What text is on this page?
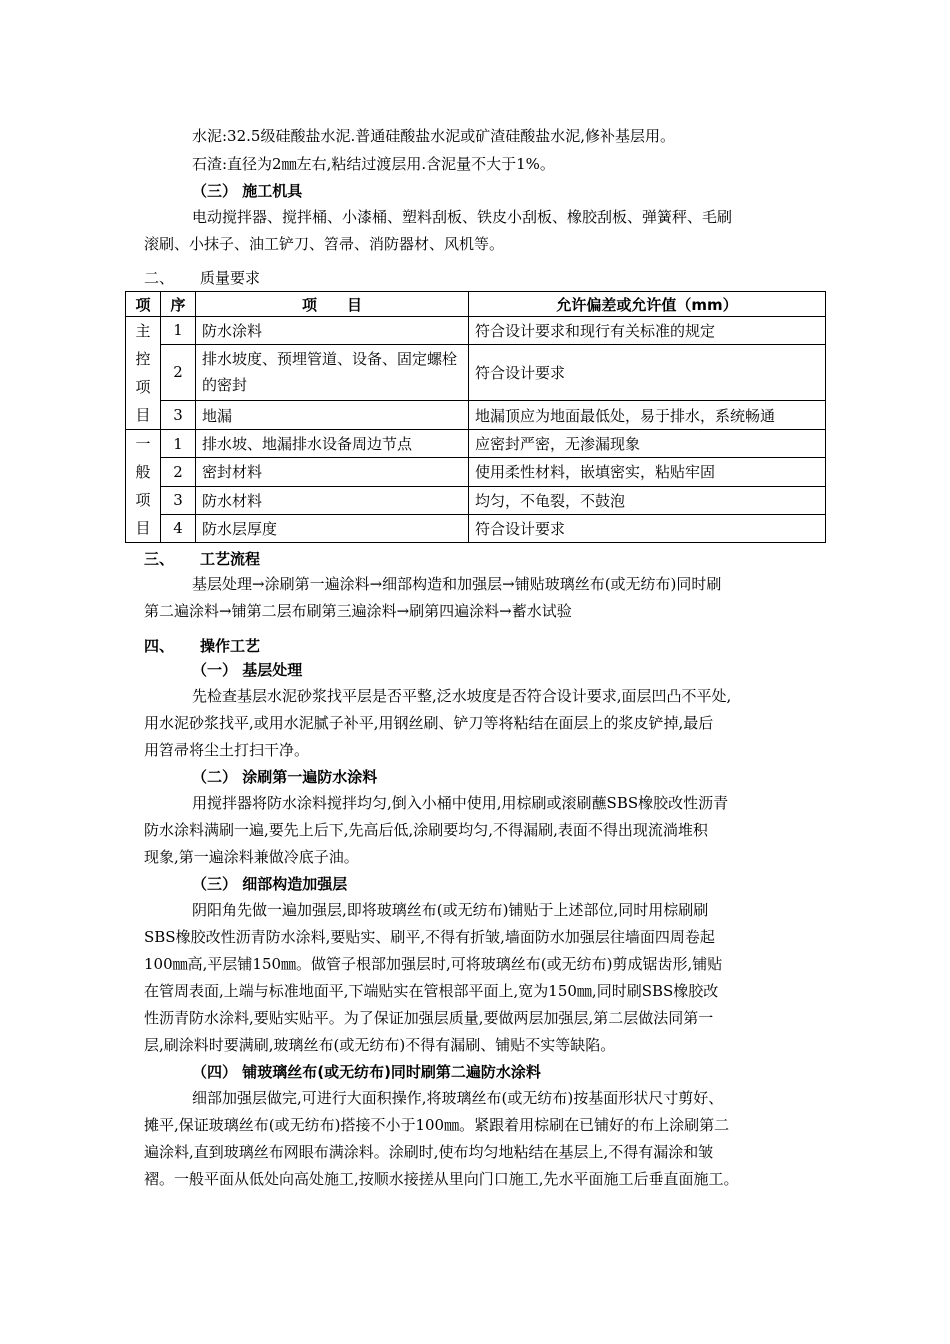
水泥:32.5级硅酸盐水泥.普通硅酸盐水泥或矿渣硅酸盐水泥,修补基层用。
石渣:直径为2㎜左右,粘结过渡层用.含泥量不大于1%。
（三） 施工机具
电动搅拌器、搅拌桶、小漆桶、塑料刮板、铁皮小刮板、橡胶刮板、弹簧秤、毛刷
滚刷、小抹子、油工铲刀、笤帚、消防器材、风机等。
二、 质量要求
项	序	项　　目	允许偏差或允许值（mm）

主控项目	1	防水涂料	符合设计要求和现行有关标准的规定
	2	排水坡度、预埋管道、设备、固定螺栓的密封	符合设计要求
	3	地漏	地漏顶应为地面最低处，易于排水，系统畅通

一般项目	1	排水坡、地漏排水设备周边节点	应密封严密，无渗漏现象
	2	密封材料	使用柔性材料，嵌填密实，粘贴牢固
	3	防水材料	均匀，不龟裂，不鼓泡
	4	防水层厚度	符合设计要求
三、 工艺流程
基层处理→涂刷第一遍涂料→细部构造和加强层→铺贴玻璃丝布(或无纺布)同时刷
第二遍涂料→铺第二层布刷第三遍涂料→刷第四遍涂料→蓄水试验
四、 操作工艺
（一） 基层处理
先检查基层水泥砂浆找平层是否平整,泛水坡度是否符合设计要求,面层凹凸不平处,
用水泥砂浆找平,或用水泥腻子补平,用钢丝刷、铲刀等将粘结在面层上的浆皮铲掉,最后
用笤帚将尘土打扫干净。
（二） 涂刷第一遍防水涂料
用搅拌器将防水涂料搅拌均匀,倒入小桶中使用,用棕刷或滚刷蘸SBS橡胶改性沥青
防水涂料满刷一遍,要先上后下,先高后低,涂刷要均匀,不得漏刷,表面不得出现流淌堆积
现象,第一遍涂料兼做冷底子油。
（三） 细部构造加强层
阴阳角先做一遍加强层,即将玻璃丝布(或无纺布)铺贴于上述部位,同时用棕刷刷
SBS橡胶改性沥青防水涂料,要贴实、刷平,不得有折皱,墙面防水加强层往墙面四周卷起
100㎜高,平层铺150㎜。做管子根部加强层时,可将玻璃丝布(或无纺布)剪成锯齿形,铺贴
在管周表面,上端与标准地面平,下端贴实在管根部平面上,宽为150㎜,同时刷SBS橡胶改
性沥青防水涂料,要贴实贴平。为了保证加强层质量,要做两层加强层,第二层做法同第一
层,刷涂料时要满刷,玻璃丝布(或无纺布)不得有漏刷、铺贴不实等缺陷。
（四） 铺玻璃丝布(或无纺布)同时刷第二遍防水涂料
细部加强层做完,可进行大面积操作,将玻璃丝布(或无纺布)按基面形状尺寸剪好、
摊平,保证玻璃丝布(或无纺布)搭接不小于100㎜。紧跟着用棕刷在已铺好的布上涂刷第二
遍涂料,直到玻璃丝布网眼布满涂料。涂刷时,使布均匀地粘结在基层上,不得有漏涂和皱
褶。一般平面从低处向高处施工,按顺水接搓从里向门口施工,先水平面施工后垂直面施工。
